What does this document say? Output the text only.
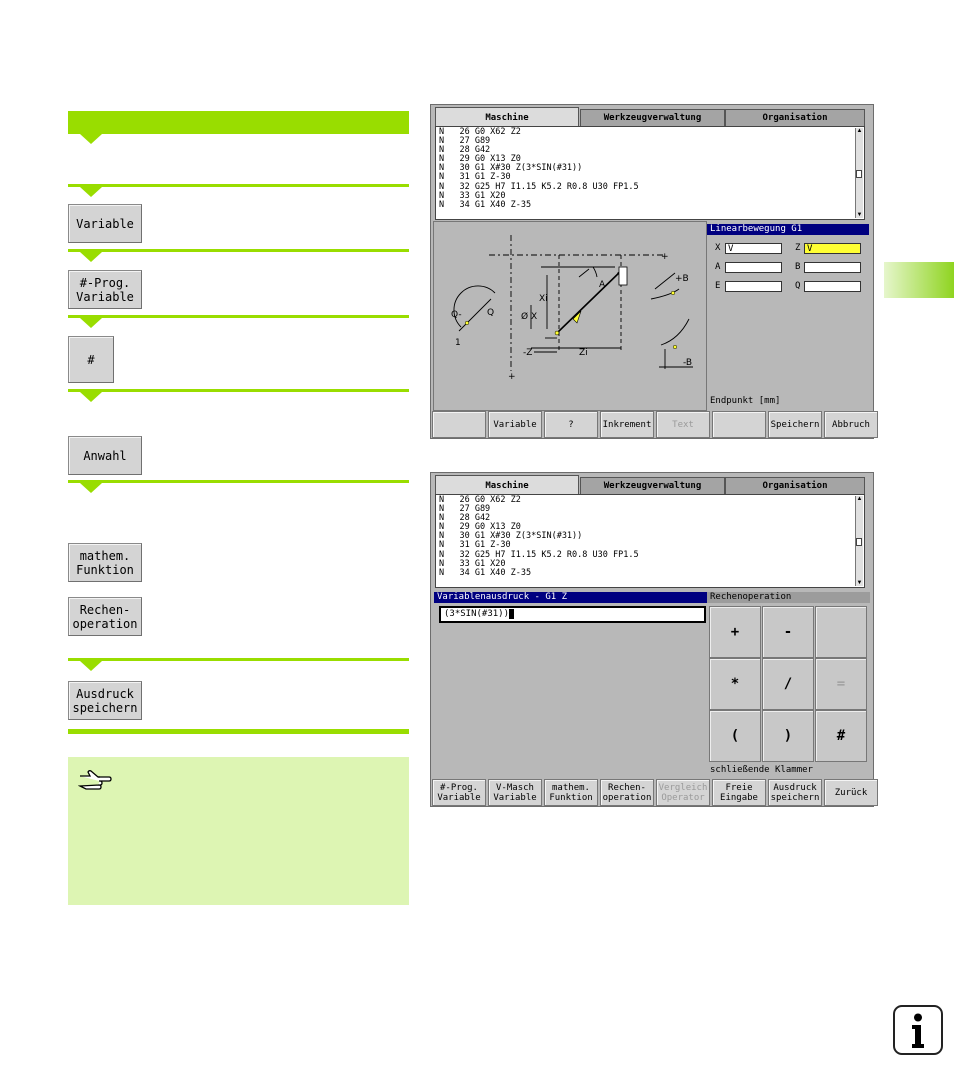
Variable
#-Prog.
Variable
#
Anwahl
mathem.
Funktion
Rechen-
operation
Ausdruck
speichern
Maschine	Werkzeugverwaltung	Organisation
N   26 G0 X62 Z2
N   27 G89
N   28 G42
N   29 G0 X13 Z0
N   30 G1 X#30 Z(3*SIN(#31))
N   31 G1 Z-30
N   32 G25 H7 I1.15 K5.2 R0.8 U30 FP1.5
N   33 G1 X20
N   34 G1 X40 Z-35
▲
▼
Q-	Q
1
Xi
Ø X
A
-Z	Zi
+B
-B
+
+
Linearbewegung G1
X V	Z V
A	B
E	Q
Endpunkt [mm]
Variable	?	Inkrement	Text	Speichern	Abbruch
Maschine	Werkzeugverwaltung	Organisation
N   26 G0 X62 Z2
N   27 G89
N   28 G42
N   29 G0 X13 Z0
N   30 G1 X#30 Z(3*SIN(#31))
N   31 G1 Z-30
N   32 G25 H7 I1.15 K5.2 R0.8 U30 FP1.5
N   33 G1 X20
N   34 G1 X40 Z-35
▲
▼
Variablenausdruck - G1 Z
(3*SIN(#31))
Rechenoperation
+	-
*	/	=
(	)	#
schließende Klammer
#-Prog.
Variable
V-Masch
Variable
mathem.
Funktion
Rechen-
operation
Vergleich
Operator
Freie
Eingabe
Ausdruck
speichern	Zurück
